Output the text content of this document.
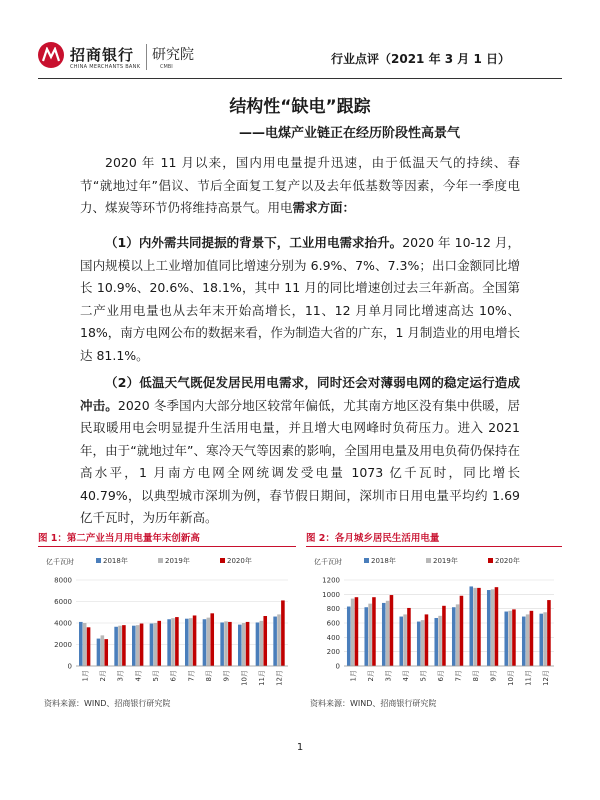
招商银行
CHINA MERCHANTS BANK
研究院
CMBI
行业点评（2021 年 3 月 1 日）
结构性“缺电”跟踪
——电煤产业链正在经历阶段性高景气
2020 年 11 月以来，国内用电量提升迅速，由于低温天气的持续、春节“就地过年”倡议、节后全面复工复产以及去年低基数等因素，今年一季度电力、煤炭等环节仍将维持高景气。用电需求方面：
（1）内外需共同提振的背景下，工业用电需求抬升。2020 年 10-12 月，国内规模以上工业增加值同比增速分别为 6.9%、7%、7.3%；出口金额同比增长 10.9%、20.6%、18.1%，其中 11 月的同比增速创过去三年新高。全国第二产业用电量也从去年末开始高增长，11、12 月单月同比增速高达 10%、18%，南方电网公布的数据来看，作为制造大省的广东，1 月制造业的用电增长达 81.1%。
（2）低温天气既促发居民用电需求，同时还会对薄弱电网的稳定运行造成冲击。2020 冬季国内大部分地区较常年偏低，尤其南方地区没有集中供暖，居民取暖用电会明显提升生活用电量，并且增大电网峰时负荷压力。进入 2021 年，由于“就地过年”、寒冷天气等因素的影响，全国用电量及用电负荷仍保持在高水平，1 月南方电网全网统调发受电量 1073 亿千瓦时，同比增长 40.79%，以典型城市深圳为例，春节假日期间，深圳市日用电量平均约 1.69 亿千瓦时，为历年新高。
图 1：第二产业当月用电量年末创新高
亿千瓦时	2018年	2019年	2020年
0
2000
4000
6000
8000
1月 2月 3月 4月 5月 6月 7月 8月 9月 10月 11月 12月
资料来源：WIND、招商银行研究院
图 2：各月城乡居民生活用电量
亿千瓦时	2018年	2019年	2020年
0
200
400
600
800
1000
1200
1月 2月 3月 4月 5月 6月 7月 8月 9月 10月 11月 12月
资料来源：WIND、招商银行研究院
1
